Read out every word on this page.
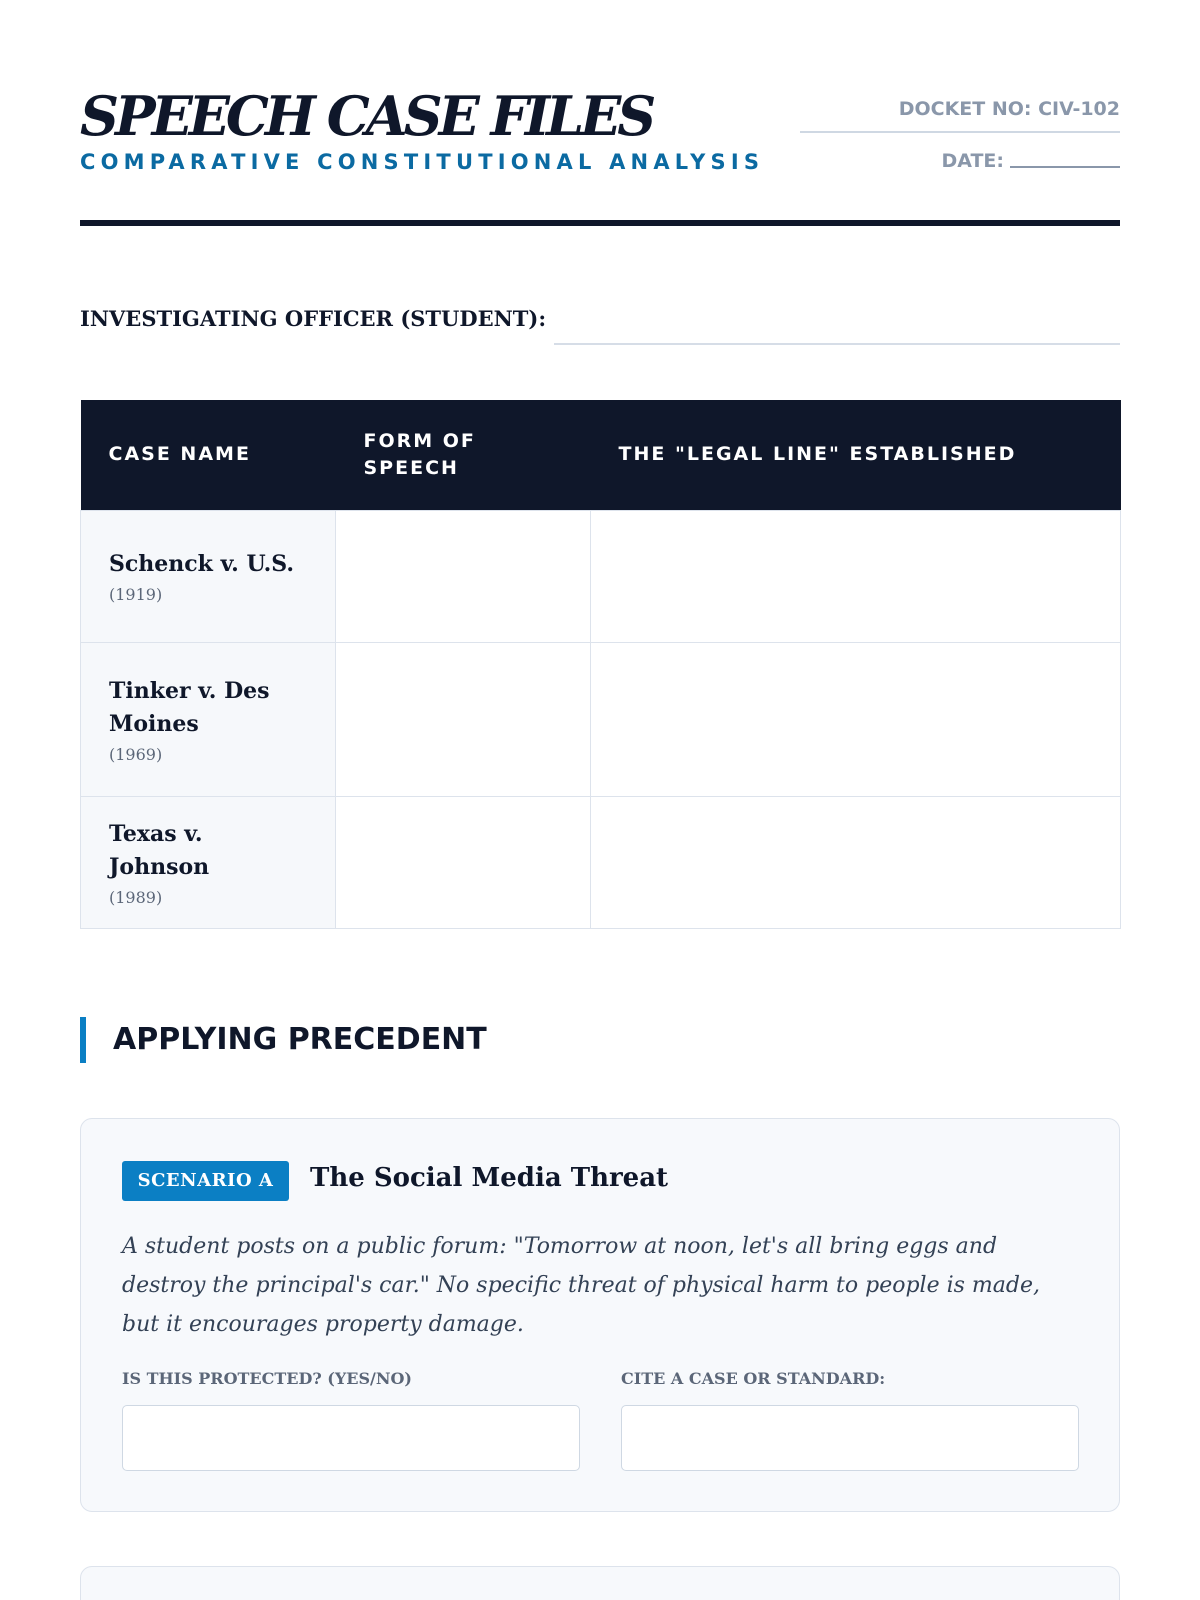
SPEECH CASE FILES
COMPARATIVE CONSTITUTIONAL ANALYSIS
DOCKET NO: CIV-102
DATE:
INVESTIGATING OFFICER (STUDENT):
CASE NAME	FORM OF SPEECH	THE "LEGAL LINE" ESTABLISHED

Schenck v. U.S.
(1919)		

Tinker v. Des Moines
(1969)		

Texas v. Johnson
(1989)		

APPLYING PRECEDENT
SCENARIO A	The Social Media Threat
A student posts on a public forum: "Tomorrow at noon, let's all bring eggs and destroy the principal's car." No specific threat of physical harm to people is made, but it encourages property damage.
IS THIS PROTECTED? (YES/NO)	CITE A CASE OR STANDARD:
